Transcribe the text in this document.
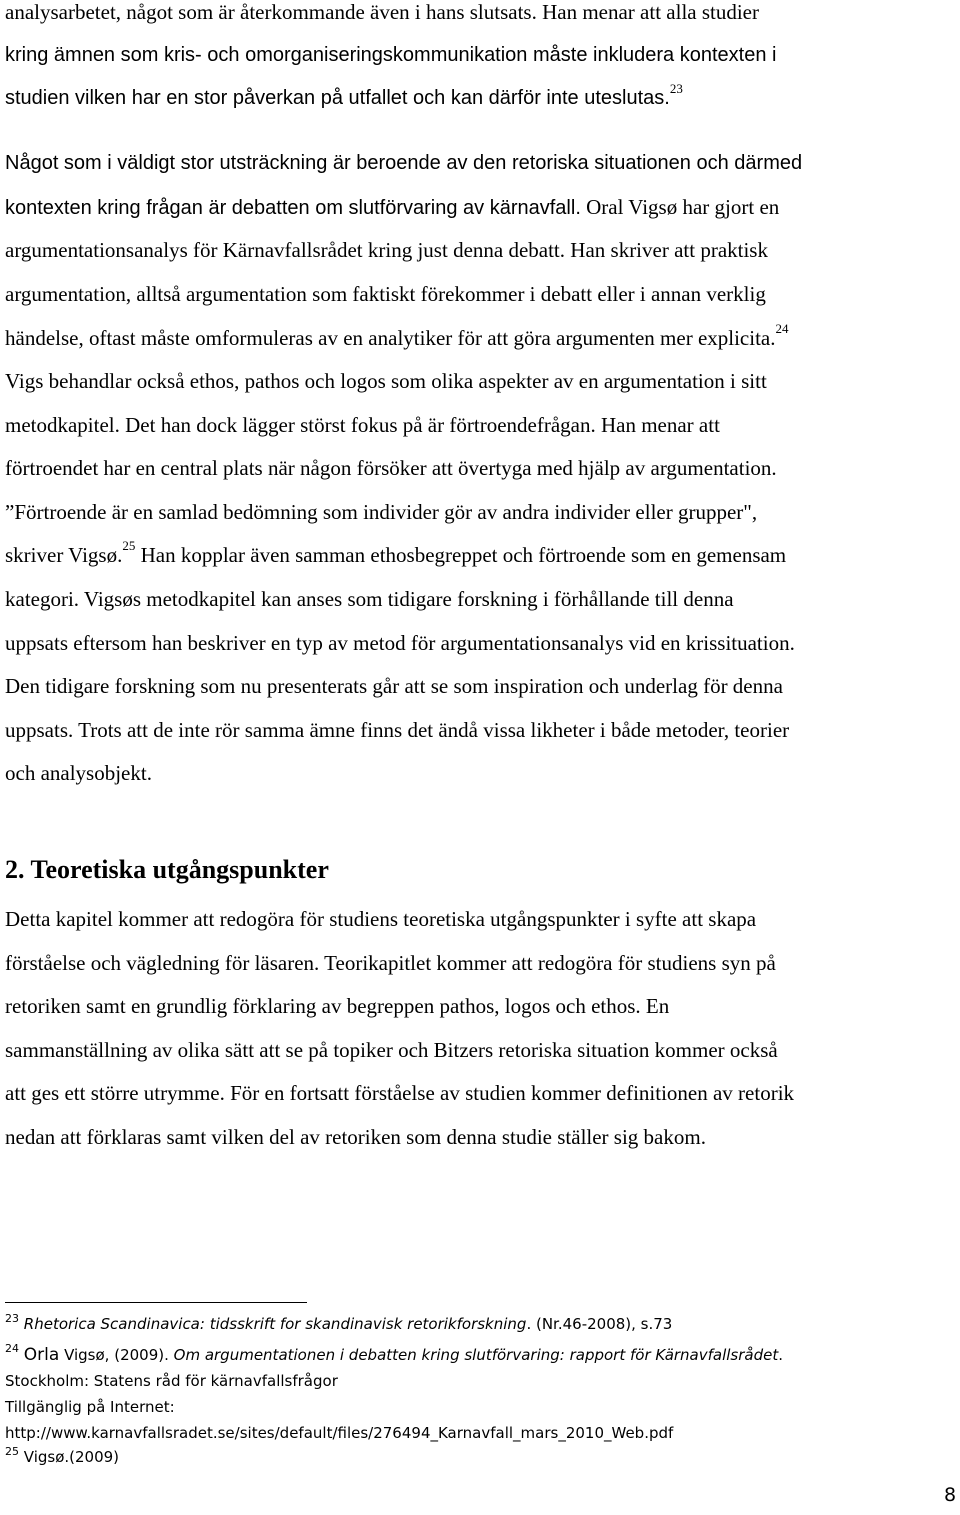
analysarbetet, något som är återkommande även i hans slutsats. Han menar att alla studier
kring ämnen som kris- och omorganiseringskommunikation måste inkludera kontexten i
studien vilken har en stor påverkan på utfallet och kan därför inte uteslutas.$^{23}$
Något som i väldigt stor utsträckning är beroende av den retoriska situationen och därmed
kontexten kring frågan är debatten om slutförvaring av kärnavfall. Oral Vigsø har gjort en
argumentationsanalys för Kärnavfallsrådet kring just denna debatt. Han skriver att praktisk
argumentation, alltså argumentation som faktiskt förekommer i debatt eller i annan verklig
händelse, oftast måste omformuleras av en analytiker för att göra argumenten mer explicita.$^{24}$
Vigs behandlar också ethos, pathos och logos som olika aspekter av en argumentation i sitt
metodkapitel. Det han dock lägger störst fokus på är förtroendefrågan. Han menar att
förtroendet har en central plats när någon försöker att övertyga med hjälp av argumentation.
”Förtroende är en samlad bedömning som individer gör av andra individer eller grupper",
skriver Vigsø.$^{25}$ Han kopplar även samman ethosbegreppet och förtroende som en gemensam
kategori. Vigsøs metodkapitel kan anses som tidigare forskning i förhållande till denna
uppsats eftersom han beskriver en typ av metod för argumentationsanalys vid en krissituation.
Den tidigare forskning som nu presenterats går att se som inspiration och underlag för denna
uppsats. Trots att de inte rör samma ämne finns det ändå vissa likheter i både metoder, teorier
och analysobjekt.
2. Teoretiska utgångspunkter
Detta kapitel kommer att redogöra för studiens teoretiska utgångspunkter i syfte att skapa
förståelse och vägledning för läsaren. Teorikapitlet kommer att redogöra för studiens syn på
retoriken samt en grundlig förklaring av begreppen pathos, logos och ethos. En
sammanställning av olika sätt att se på topiker och Bitzers retoriska situation kommer också
att ges ett större utrymme. För en fortsatt förståelse av studien kommer definitionen av retorik
nedan att förklaras samt vilken del av retoriken som denna studie ställer sig bakom.
$^{23}$ Rhetorica Scandinavica: tidsskrift for skandinavisk retorikforskning. (Nr.46-2008), s.73
$^{24}$ Orla Vigsø, (2009). Om argumentationen i debatten kring slutförvaring: rapport för Kärnavfallsrådet.
Stockholm: Statens råd för kärnavfallsfrågor
Tillgänglig på Internet:
http://www.karnavfallsradet.se/sites/default/files/276494_Karnavfall_mars_2010_Web.pdf
$^{25}$ Vigsø.(2009)
8
